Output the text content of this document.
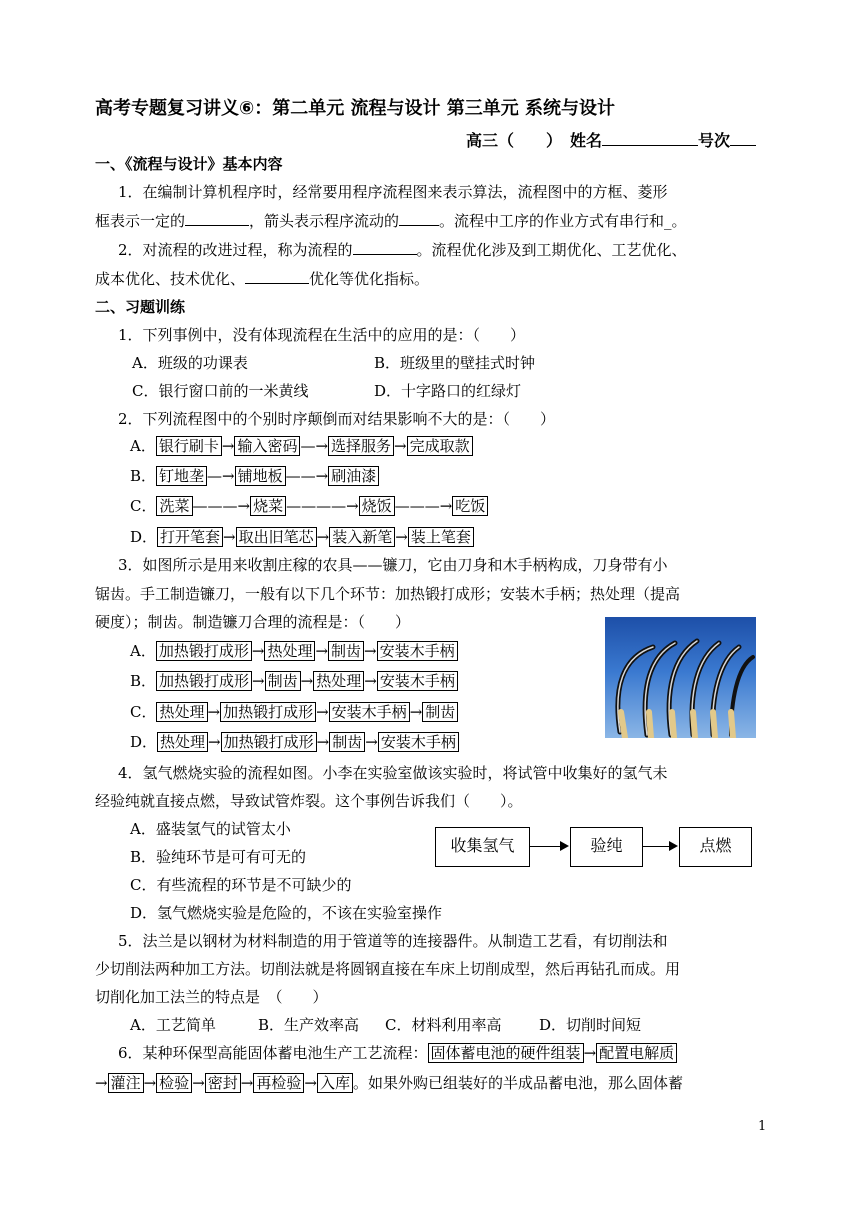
高考专题复习讲义⑥：第二单元 流程与设计 第三单元 系统与设计
高三（　　）　 姓名	号次
一、《流程与设计》基本内容
1．在编制计算机程序时，经常要用程序流程图来表示算法，流程图中的方框、菱形
框表示一定的	，箭头表示程序流动的	。流程中工序的作业方式有串行和_。
2．对流程的改进过程，称为流程的	。流程优化涉及到工期优化、工艺优化、
成本优化、技术优化、	优化等优化指标。
二、习题训练
1．下列事例中，没有体现流程在生活中的应用的是：（　　）
A．班级的功课表	B．班级里的壁挂式时钟
C．银行窗口前的一米黄线	D．十字路口的红绿灯
2．下列流程图中的个别时序颠倒而对结果影响不大的是：（　　）
A． 银行刷卡 → 输入密码 —→ 选择服务 → 完成取款
B． 钉地垄 —→ 铺地板 ——→ 刷油漆
C． 洗菜 ———→ 烧菜 ————→ 烧饭 ———→ 吃饭
D． 打开笔套 → 取出旧笔芯 → 装入新笔 → 装上笔套
3．如图所示是用来收割庄稼的农具——镰刀，它由刀身和木手柄构成，刀身带有小
锯齿。手工制造镰刀，一般有以下几个环节：加热锻打成形；安装木手柄；热处理（提高
硬度）；制齿。制造镰刀合理的流程是：（　　）
A． 加热锻打成形 → 热处理 → 制齿 → 安装木手柄
B． 加热锻打成形 → 制齿 → 热处理 → 安装木手柄
C． 热处理 → 加热锻打成形 → 安装木手柄 → 制齿
D． 热处理 → 加热锻打成形 → 制齿 → 安装木手柄
4．氢气燃烧实验的流程如图。小李在实验室做该实验时，将试管中收集好的氢气未
经验纯就直接点燃，导致试管炸裂。这个事例告诉我们（　　）。
A．盛装氢气的试管太小
B．验纯环节是可有可无的
C．有些流程的环节是不可缺少的
D．氢气燃烧实验是危险的，不该在实验室操作
收集氢气	验纯	点燃
5．法兰是以钢材为材料制造的用于管道等的连接器件。从制造工艺看，有切削法和
少切削法两种加工方法。切削法就是将圆钢直接在车床上切削成型，然后再钻孔而成。用
切削化加工法兰的特点是　（　　）
A．工艺简单	B．生产效率高 C．材料利用率高	D．切削时间短
6．某种环保型高能固体蓄电池生产工艺流程： 固体蓄电池的硬件组装 → 配置电解质
→ 灌注 → 检验 → 密封 → 再检验 → 入库 。如果外购已组装好的半成品蓄电池，那么固体蓄
1
